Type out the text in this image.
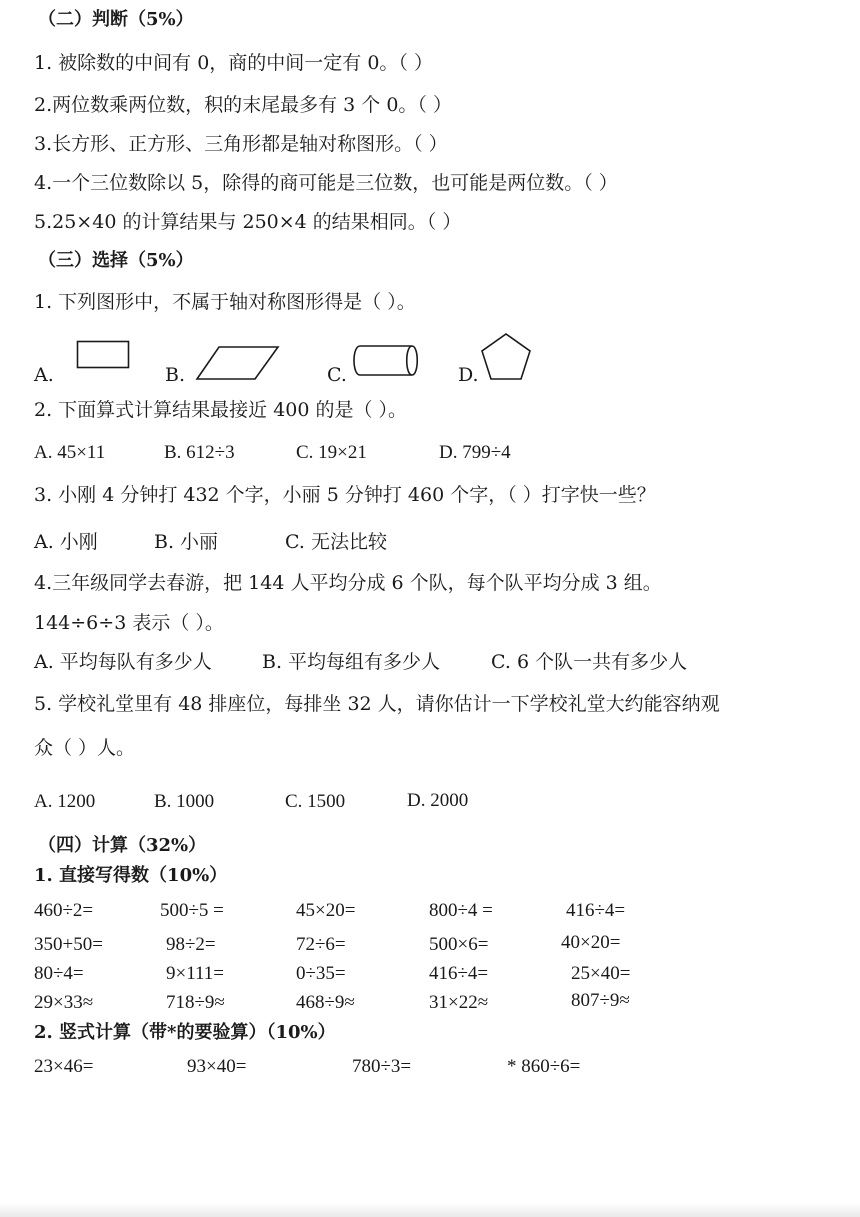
（二）判断（5%）
1. 被除数的中间有 0，商的中间一定有 0。（ ）
2.两位数乘两位数，积的末尾最多有 3 个 0。（ ）
3.长方形、正方形、三角形都是轴对称图形。（ ）
4.一个三位数除以 5，除得的商可能是三位数，也可能是两位数。（ ）
5.25×40 的计算结果与 250×4 的结果相同。（ ）
（三）选择（5%）
1. 下列图形中，不属于轴对称图形得是（ ）。
A.	B.	C.	D.
2. 下面算式计算结果最接近 400 的是（ ）。
A. 45×11	B. 612÷3	C. 19×21	D. 799÷4
3. 小刚 4 分钟打 432 个字，小丽 5 分钟打 460 个字，（ ）打字快一些？
A. 小刚	B. 小丽	C. 无法比较
4.三年级同学去春游，把 144 人平均分成 6 个队，每个队平均分成 3 组。
144÷6÷3 表示（ ）。
A. 平均每队有多少人	B. 平均每组有多少人	C. 6 个队一共有多少人
5. 学校礼堂里有 48 排座位，每排坐 32 人，请你估计一下学校礼堂大约能容纳观
众（ ）人。
A. 1200	B. 1000	C. 1500	D. 2000
（四）计算（32%）
1. 直接写得数（10%）
460÷2=	500÷5 =	45×20=	800÷4 =	416÷4=
350+50=	98÷2=	72÷6=	500×6=	40×20=
80÷4=	9×111=	0÷35=	416÷4=	25×40=
29×33≈	718÷9≈	468÷9≈	31×22≈	807÷9≈
2. 竖式计算（带*的要验算）（10%）
23×46=	93×40=	780÷3=	* 860÷6=
